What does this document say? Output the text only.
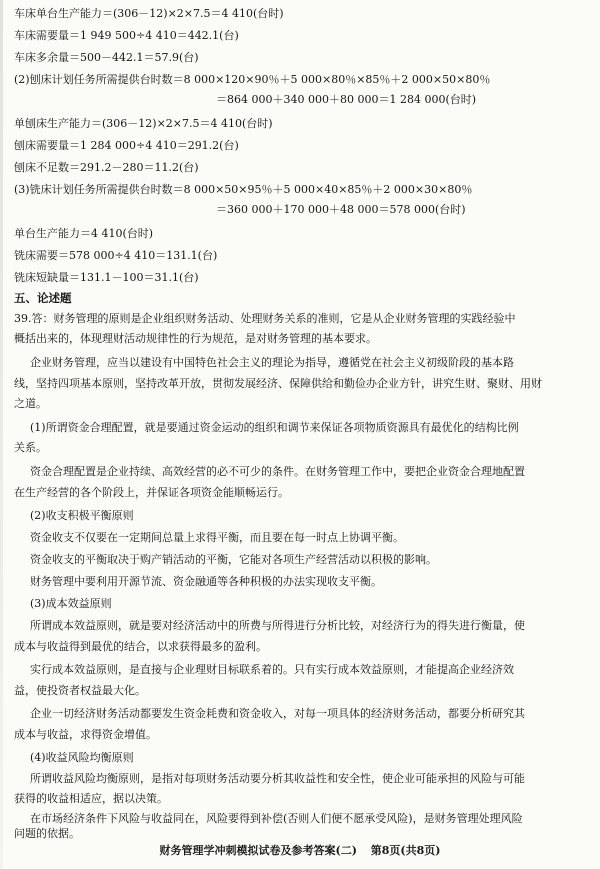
车床单台生产能力＝(306－12)×2×7.5＝4 410(台时)
车床需要量＝1 949 500÷4 410＝442.1(台)
车床多余量＝500－442.1＝57.9(台)
(2)刨床计划任务所需提供台时数＝8 000×120×90％＋5 000×80％×85％＋2 000×50×80％
＝864 000＋340 000＋80 000＝1 284 000(台时)
单刨床生产能力＝(306－12)×2×7.5＝4 410(台时)
刨床需要量＝1 284 000÷4 410＝291.2(台)
刨床不足数＝291.2－280＝11.2(台)
(3)铣床计划任务所需提供台时数＝8 000×50×95％＋5 000×40×85％＋2 000×30×80％
＝360 000＋170 000＋48 000＝578 000(台时)
单台生产能力＝4 410(台时)
铣床需要＝578 000÷4 410＝131.1(台)
铣床短缺量＝131.1－100＝31.1(台)
五、论述题
39.答：财务管理的原则是企业组织财务活动、处理财务关系的准则，它是从企业财务管理的实践经验中
概括出来的，体现理财活动规律性的行为规范，是对财务管理的基本要求。
企业财务管理，应当以建设有中国特色社会主义的理论为指导，遵循党在社会主义初级阶段的基本路
线，坚持四项基本原则，坚持改革开放，贯彻发展经济、保障供给和勤俭办企业方针，讲究生财、聚财、用财
之道。
(1)所谓资金合理配置，就是要通过资金运动的组织和调节来保证各项物质资源具有最优化的结构比例
关系。
资金合理配置是企业持续、高效经营的必不可少的条件。在财务管理工作中，要把企业资金合理地配置
在生产经营的各个阶段上，并保证各项资金能顺畅运行。
(2)收支积极平衡原则
资金收支不仅要在一定期间总量上求得平衡，而且要在每一时点上协调平衡。
资金收支的平衡取决于购产销活动的平衡，它能对各项生产经营活动以积极的影响。
财务管理中要利用开源节流、资金融通等各种积极的办法实现收支平衡。
(3)成本效益原则
所谓成本效益原则，就是要对经济活动中的所费与所得进行分析比较，对经济行为的得失进行衡量，使
成本与收益得到最优的结合，以求获得最多的盈利。
实行成本效益原则，是直接与企业理财目标联系着的。只有实行成本效益原则，才能提高企业经济效
益，使投资者权益最大化。
企业一切经济财务活动都要发生资金耗费和资金收入，对每一项具体的经济财务活动，都要分析研究其
成本与收益，求得资金增值。
(4)收益风险均衡原则
所谓收益风险均衡原则，是指对每项财务活动要分析其收益性和安全性，使企业可能承担的风险与可能
获得的收益相适应，据以决策。
在市场经济条件下风险与收益同在，风险要得到补偿(否则人们便不愿承受风险)，是财务管理处理风险
问题的依据。
财务管理学冲刺模拟试卷及参考答案(二) 第8页(共8页)
